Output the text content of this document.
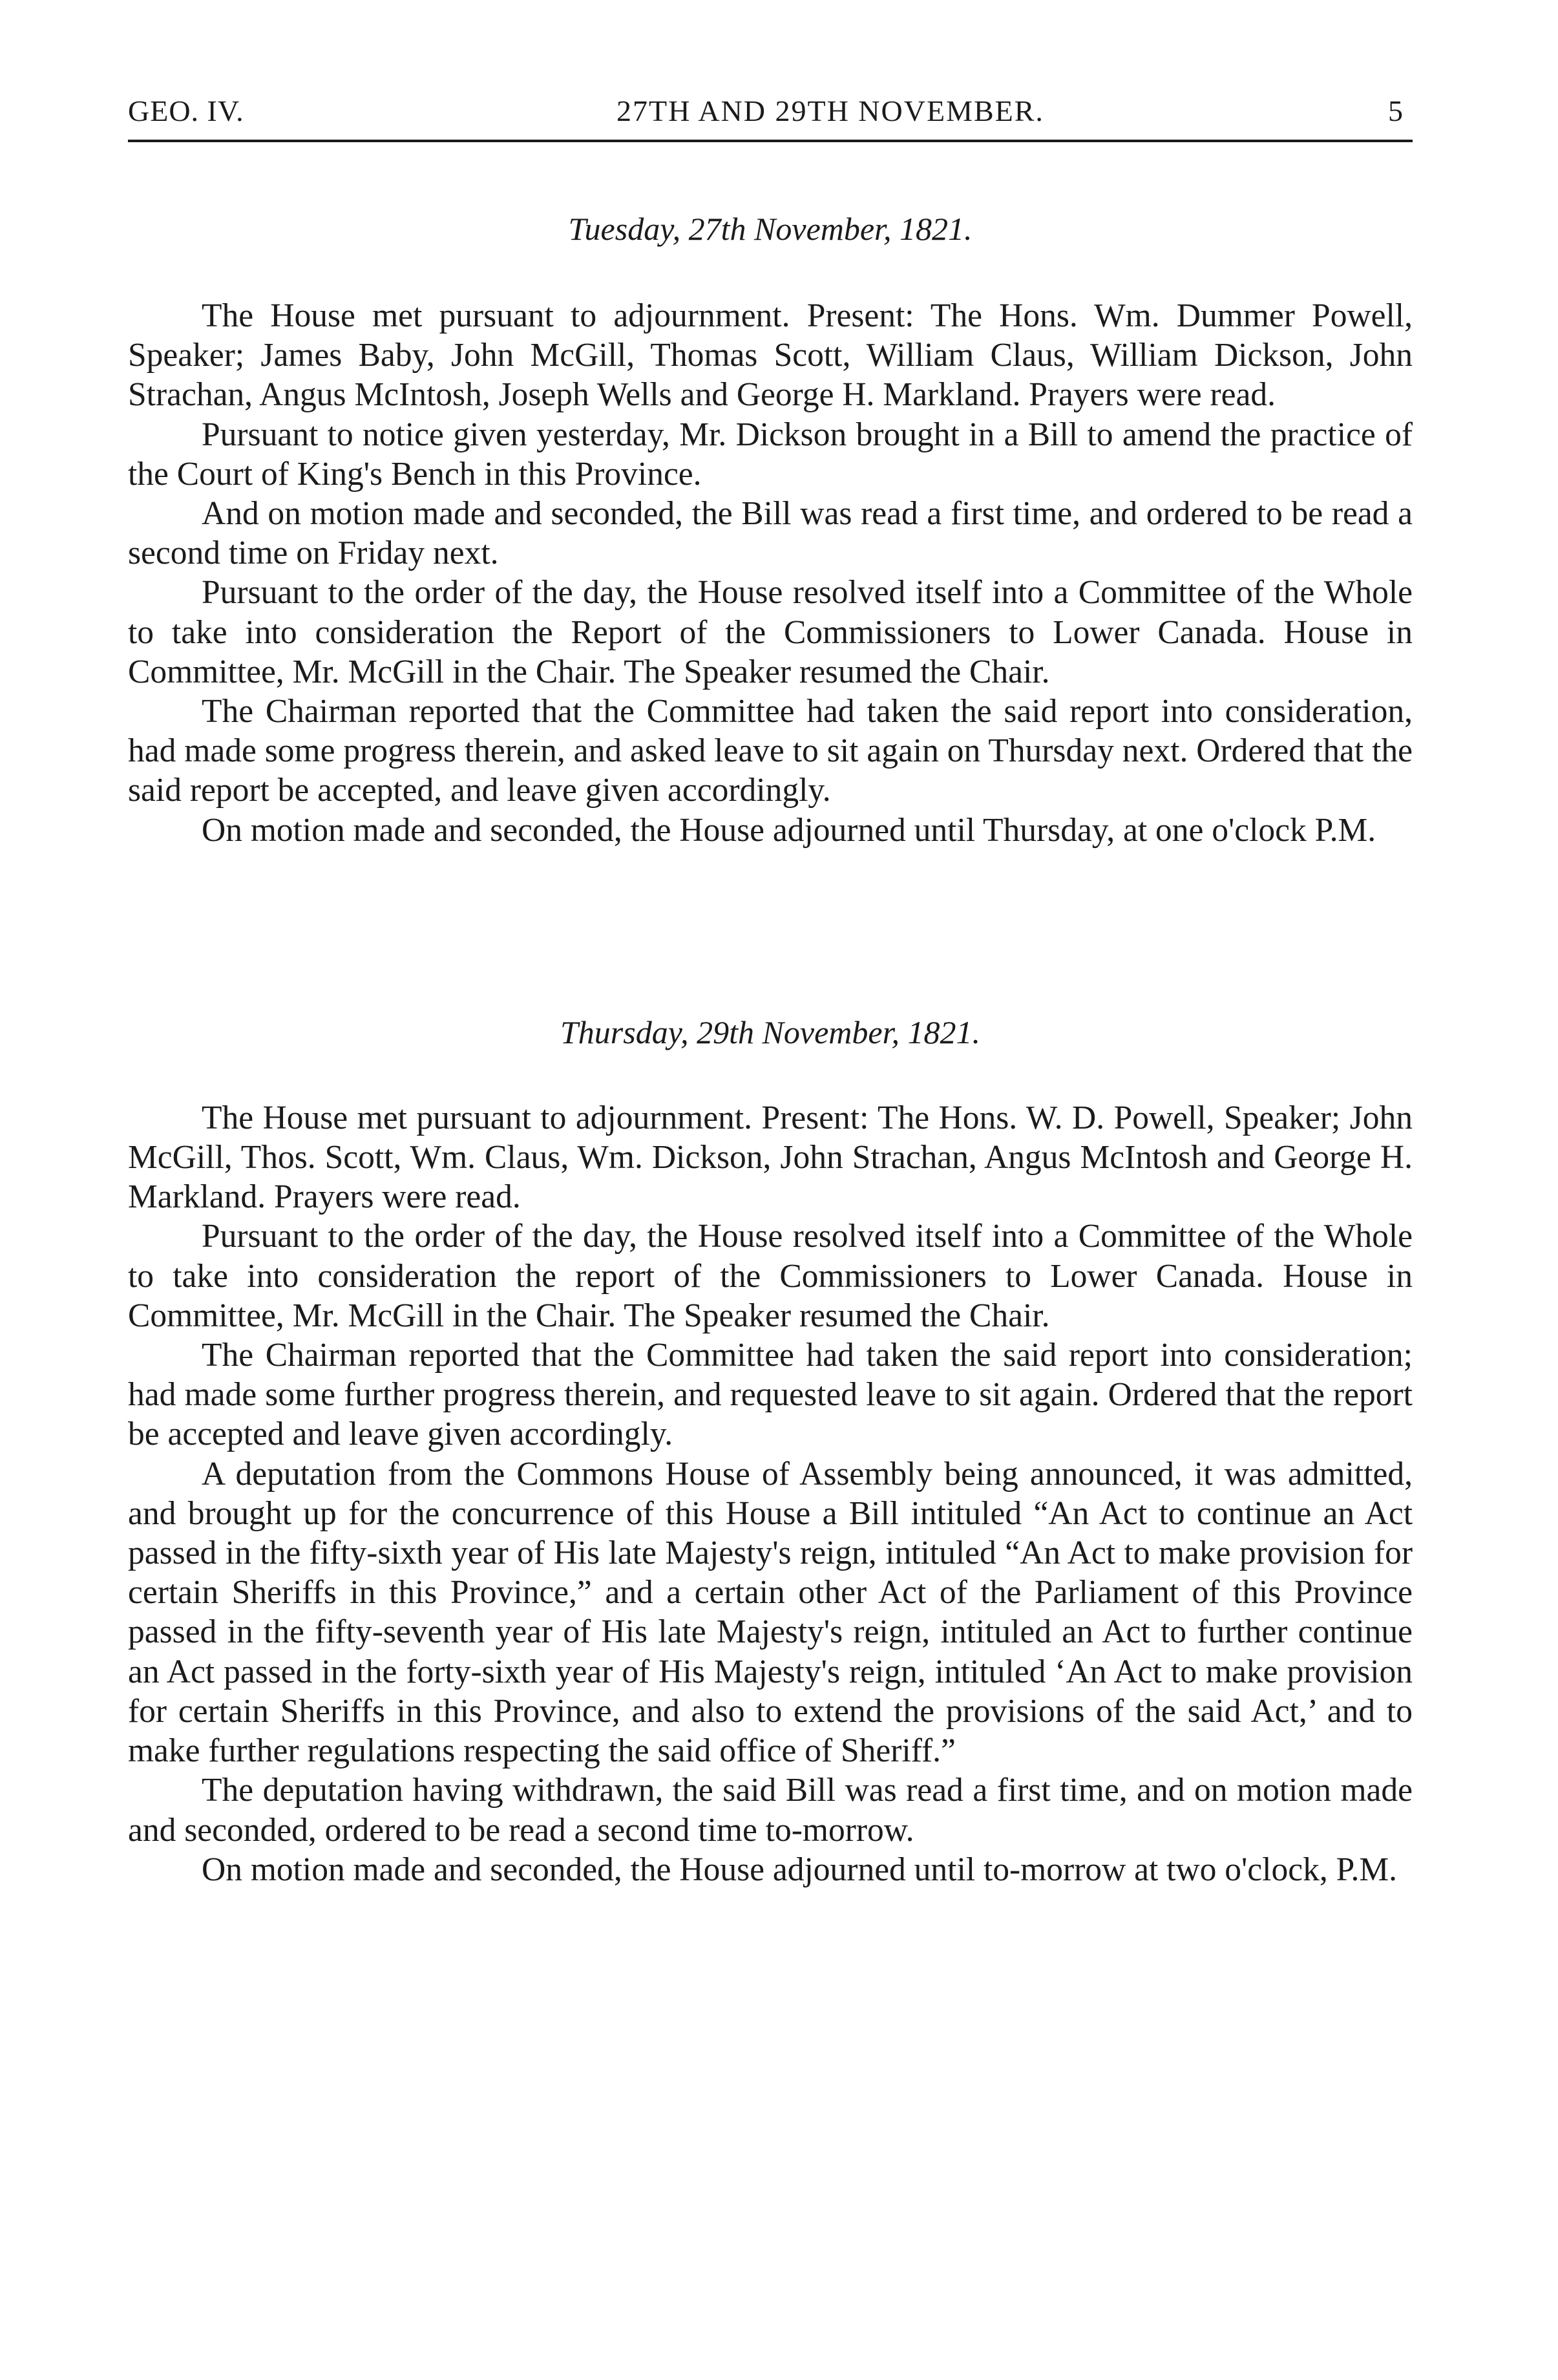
GEO. IV.	27TH AND 29TH NOVEMBER.	5
Tuesday, 27th November, 1821.

The House met pursuant to adjournment. Present: The Hons. Wm. Dummer Powell, Speaker; James Baby, John McGill, Thomas Scott, William Claus, William Dickson, John Strachan, Angus McIntosh, Joseph Wells and George H. Markland. Prayers were read.

Pursuant to notice given yesterday, Mr. Dickson brought in a Bill to amend the practice of the Court of King's Bench in this Province.

And on motion made and seconded, the Bill was read a first time, and ordered to be read a second time on Friday next.

Pursuant to the order of the day, the House resolved itself into a Committee of the Whole to take into consideration the Report of the Commissioners to Lower Canada. House in Committee, Mr. McGill in the Chair. The Speaker resumed the Chair.

The Chairman reported that the Committee had taken the said report into consideration, had made some progress therein, and asked leave to sit again on Thursday next. Ordered that the said report be accepted, and leave given accordingly.

On motion made and seconded, the House adjourned until Thursday, at one o'clock P.M.

Thursday, 29th November, 1821.

The House met pursuant to adjournment. Present: The Hons. W. D. Powell, Speaker; John McGill, Thos. Scott, Wm. Claus, Wm. Dickson, John Strachan, Angus McIntosh and George H. Markland. Prayers were read.

Pursuant to the order of the day, the House resolved itself into a Committee of the Whole to take into consideration the report of the Commissioners to Lower Canada. House in Committee, Mr. McGill in the Chair. The Speaker resumed the Chair.

The Chairman reported that the Committee had taken the said report into consideration; had made some further progress therein, and requested leave to sit again. Ordered that the report be accepted and leave given accordingly.

A deputation from the Commons House of Assembly being announced, it was admitted, and brought up for the concurrence of this House a Bill intituled “An Act to continue an Act passed in the fifty-sixth year of His late Majesty's reign, intituled “An Act to make provision for certain Sheriffs in this Province,” and a certain other Act of the Parliament of this Province passed in the fifty-seventh year of His late Majesty's reign, intituled an Act to further continue an Act passed in the forty-sixth year of His Majesty's reign, intituled ‘An Act to make provision for certain Sheriffs in this Province, and also to extend the provisions of the said Act,’ and to make further regulations respecting the said office of Sheriff.”

The deputation having withdrawn, the said Bill was read a first time, and on motion made and seconded, ordered to be read a second time to-morrow.

On motion made and seconded, the House adjourned until to-morrow at two o'clock, P.M.
